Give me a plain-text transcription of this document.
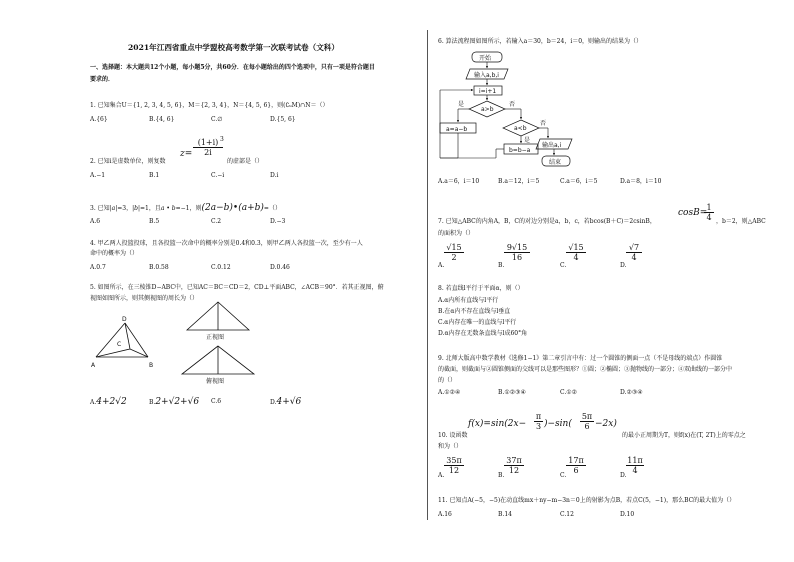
2021年江西省重点中学盟校高考数学第一次联考试卷（文科）
一、选择题：本大题共12个小题，每小题5分，共60分．在每小题给出的四个选项中，只有一项是符合题目
要求的．
1. 已知集合U＝{1, 2, 3, 4, 5, 6}，M＝{2, 3, 4}，N＝{4, 5, 6}，则(∁ᵤM)∩N＝（）
A.{6}	B.{4, 6}	C.∅	D.{5, 6}
2. 已知i是虚数单位，则复数
$z= \frac{(1+i)}{2i}$
3
的虚部是（）
A.−1	B.1	C.−i	D.i
3. 已知|a|=3，|b|=1，且a • b=−1，则(2a−b)•(a+b)=（）
A.6	B.5	C.2	D.−3
4. 甲乙两人投篮投球，且各投篮一次命中的概率分别是0.4和0.3，则甲乙两人各投篮一次，至少有一人
命中的概率为（）
A.0.7	B.0.58	C.0.12	D.0.46
5. 如图所示，在三棱锥D−ABC中，已知AC＝BC＝CD＝2，CD⊥平面ABC，∠ACB＝90°．若其正视图，俯
视图如图所示，则其侧视图的周长为（）
D
C
A	B
正视图
俯视图
A.4+2√2	B.2+√2+√6 C.6	D.4+√6
6. 算法流程图如图所示，若输入a＝30，b＝24，i＝0，则输出的结果为（）
开始
输入a,b,i
i=i+1
a>b
是	否
a=a−b	a<b
是
否
b=b−a
输出a,i
结束
A.a＝6，i＝10	B.a＝12，i＝5	C.a＝6，i＝5	D.a＝8，i＝10
7. 已知△ABC的内角A，B，C的对边分别是a，b，c，若bcos(B＋C)＝2csinB，
cosB=
$\frac{1}{4}$ ，b＝2，则△ABC
的面积为（）
A.
$\frac{√15}{2}$
B.
$\frac{9√15}{16}$
C.
$\frac{√15}{4}$
D.
$\frac{√7}{4}$
8. 若直线l平行于平面α，则（）
A.α内所有直线与l平行
B.在α内不存在直线与l垂直
C.α内存在唯一的直线与l平行
D.α内存在无数条直线与l成60°角
9. 北师大版高中数学教材《选修1−1》第二章引言中有：过一个圆锥的侧面一点（不是母线的端点）作圆锥
的截面，则截面与②圆锥侧面的交线可以是那些图形？①圆；②椭圆；③抛物线的一部分；④双曲线的一部分中
的（）
A.①②④	B.①②③④	C.①②	D.②③④
10. 设函数
$f(x)=\sin(2x- \frac{\pi}{3} )-\sin( \frac{5\pi}{6} -2x)$
的最小正周期为T，则f(x)在(T, 2T)上的零点之
和为（）
A.
$\frac{35\pi}{12}$
B.
$\frac{37\pi}{12}$
C.
$\frac{17\pi}{6}$
D.
$\frac{11\pi}{4}$
11. 已知点A(−5，−5)在动直线mx＋ny−m−3n＝0上的射影为点B，若点C(5，−1)，那么BC的最大值为（）
A.16	B.14	C.12	D.10
